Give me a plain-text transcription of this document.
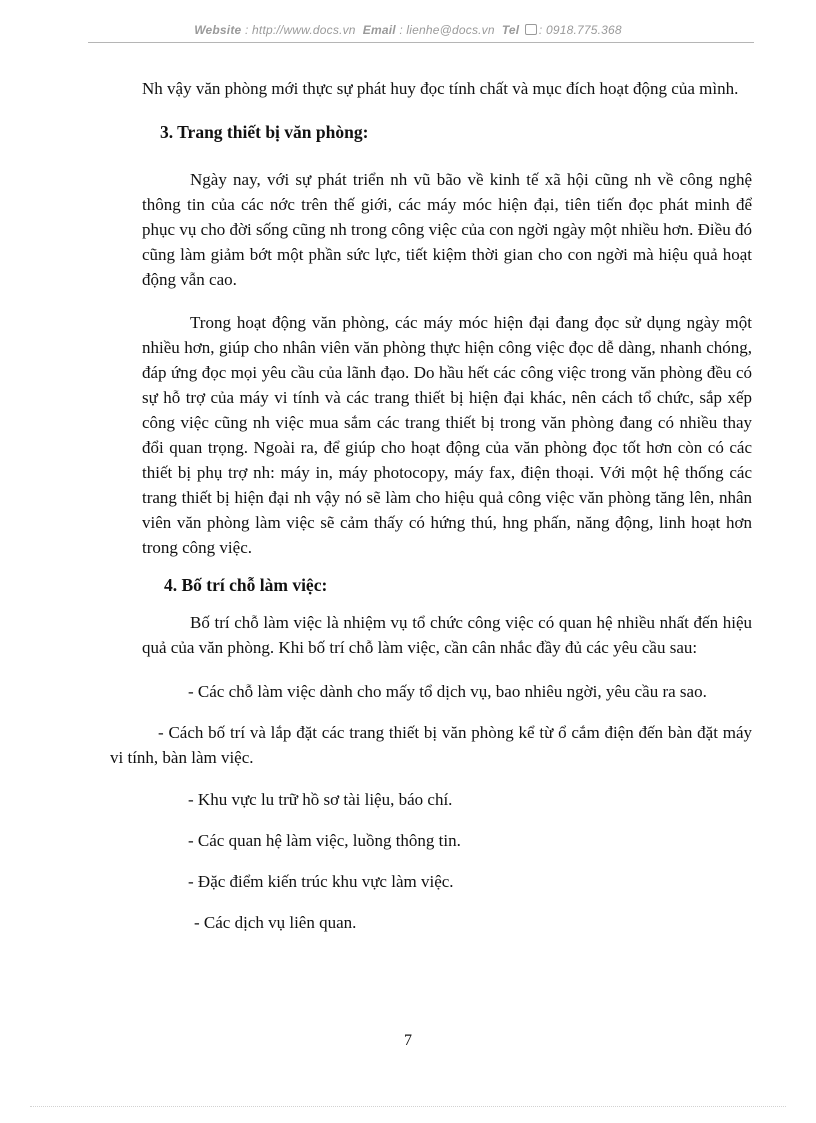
Website : http://www.docs.vn Email : lienhe@docs.vn Tel : 0918.775.368

Nh vậy văn phòng mới thực sự phát huy đọc tính chất và mục đích hoạt động của mình.

3. Trang thiết bị văn phòng:

Ngày nay, với sự phát triển nh vũ bão về kinh tế xã hội cũng nh về công nghệ thông tin của các nớc trên thế giới, các máy móc hiện đại, tiên tiến đọc phát minh để phục vụ cho đời sống cũng nh trong công việc của con ngời ngày một nhiều hơn. Điều đó cũng làm giảm bớt một phần sức lực, tiết kiệm thời gian cho con ngời mà hiệu quả hoạt động vẫn cao.

Trong hoạt động văn phòng, các máy móc hiện đại đang đọc sử dụng ngày một nhiều hơn, giúp cho nhân viên văn phòng thực hiện công việc đọc dễ dàng, nhanh chóng, đáp ứng đọc mọi yêu cầu của lãnh đạo. Do hầu hết các công việc trong văn phòng đều có sự hỗ trợ của máy vi tính và các trang thiết bị hiện đại khác, nên cách tổ chức, sắp xếp công việc cũng nh việc mua sắm các trang thiết bị trong văn phòng đang có nhiều thay đổi quan trọng. Ngoài ra, để giúp cho hoạt động của văn phòng đọc tốt hơn còn có các thiết bị phụ trợ nh: máy in, máy photocopy, máy fax, điện thoại. Với một hệ thống các trang thiết bị hiện đại nh vậy nó sẽ làm cho hiệu quả công việc văn phòng tăng lên, nhân viên văn phòng làm việc sẽ cảm thấy có hứng thú, hng phấn, năng động, linh hoạt hơn trong công việc.

4. Bố trí chỗ làm việc:

Bố trí chỗ làm việc là nhiệm vụ tổ chức công việc có quan hệ nhiều nhất đến hiệu quả của văn phòng. Khi bố trí chỗ làm việc, cần cân nhắc đầy đủ các yêu cầu sau:

- Các chỗ làm việc dành cho mấy tổ dịch vụ, bao nhiêu ngời, yêu cầu ra sao.

- Cách bố trí và lắp đặt các trang thiết bị văn phòng kể từ ổ cắm điện đến bàn đặt máy vi tính, bàn làm việc.

- Khu vực lu trữ hồ sơ tài liệu, báo chí.

- Các quan hệ làm việc, luồng thông tin.

- Đặc điểm kiến trúc khu vực làm việc.

- Các dịch vụ liên quan.

7
